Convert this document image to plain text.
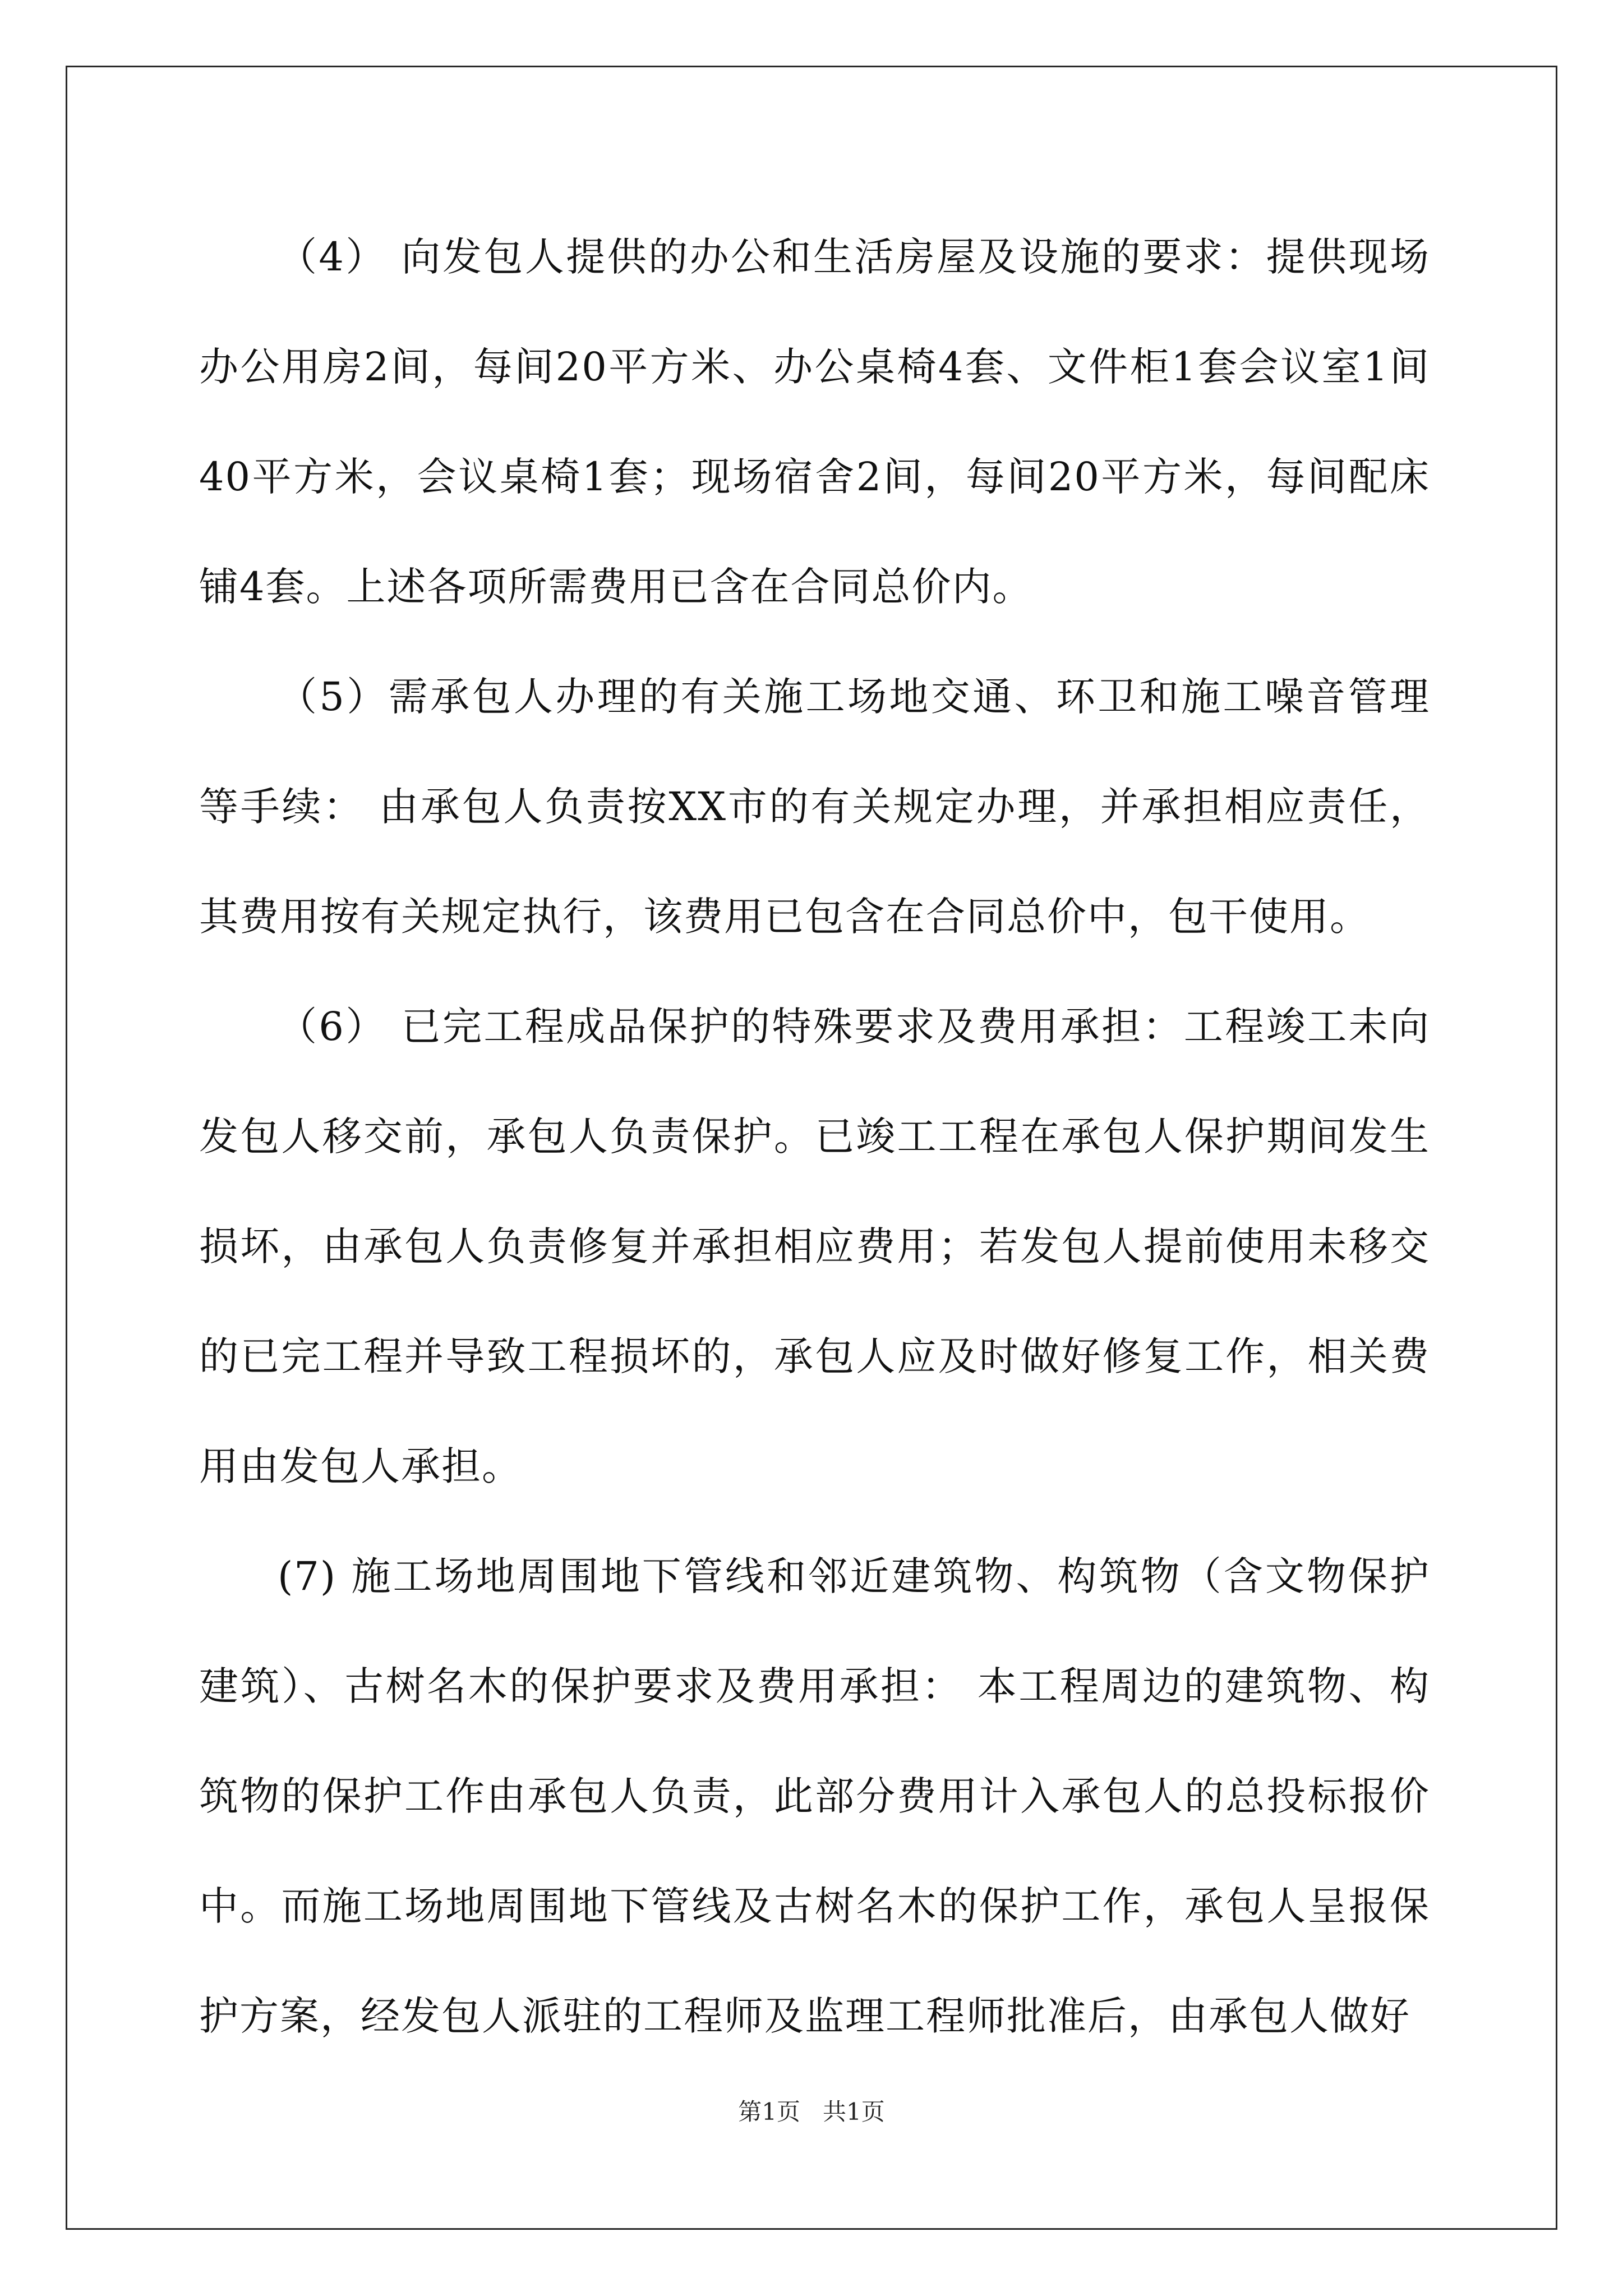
（4） 向发包人提供的办公和生活房屋及设施的要求：提供现场办公用房2间，每间20平方米、办公桌椅4套、文件柜1套会议室1间40平方米，会议桌椅1套；现场宿舍2间，每间20平方米，每间配床铺4套。上述各项所需费用已含在合同总价内。

（5）需承包人办理的有关施工场地交通、环卫和施工噪音管理等手续： 由承包人负责按XX市的有关规定办理，并承担相应责任，其费用按有关规定执行，该费用已包含在合同总价中，包干使用。

（6） 已完工程成品保护的特殊要求及费用承担：工程竣工未向发包人移交前，承包人负责保护。已竣工工程在承包人保护期间发生损坏，由承包人负责修复并承担相应费用；若发包人提前使用未移交的已完工程并导致工程损坏的，承包人应及时做好修复工作，相关费用由发包人承担。

(7) 施工场地周围地下管线和邻近建筑物、构筑物（含文物保护建筑）、古树名木的保护要求及费用承担： 本工程周边的建筑物、构筑物的保护工作由承包人负责，此部分费用计入承包人的总投标报价中。而施工场地周围地下管线及古树名木的保护工作，承包人呈报保护方案，经发包人派驻的工程师及监理工程师批准后，由承包人做好

第1页 共1页
